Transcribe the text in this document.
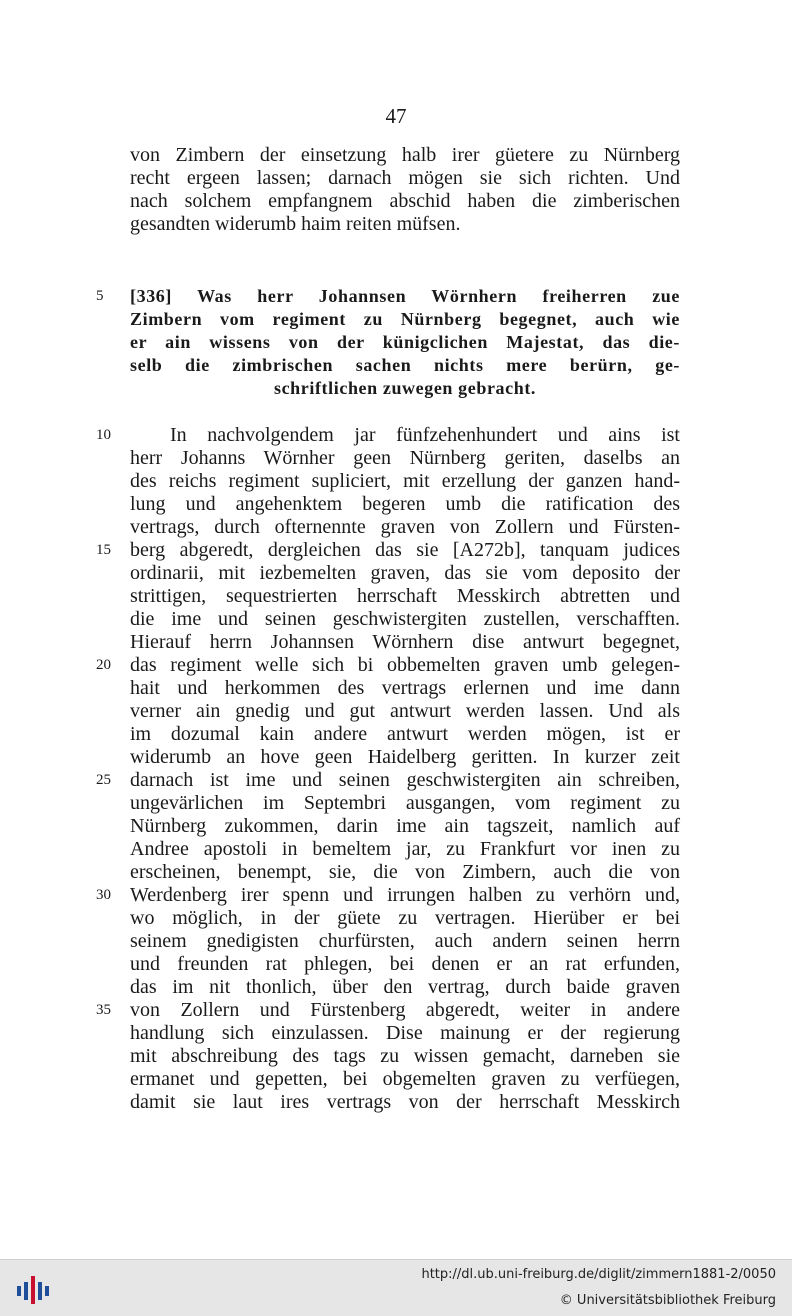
47
von Zimbern der einsetzung halb irer güetere zu Nürnberg
recht ergeen lassen; darnach mögen sie sich richten. Und
nach solchem empfangnem abschid haben die zimberischen
gesandten widerumb haim reiten müfsen.
5	[336] Was herr Johannsen Wörnhern freiherren zue
Zimbern vom regiment zu Nürnberg begegnet, auch wie
er ain wissens von der künigclichen Majestat, das die-
selb die zimbrischen sachen nichts mere berürn, ge-
schriftlichen zuwegen gebracht.
10
15
20
25
30
35
In nachvolgendem jar fünfzehenhundert und ains ist
herr Johanns Wörnher geen Nürnberg geriten, daselbs an
des reichs regiment supliciert, mit erzellung der ganzen hand-
lung und angehenktem begeren umb die ratification des
vertrags, durch ofternennte graven von Zollern und Fürsten-
berg abgeredt, dergleichen das sie [A272b], tanquam judices
ordinarii, mit iezbemelten graven, das sie vom deposito der
strittigen, sequestrierten herrschaft Messkirch abtretten und
die ime und seinen geschwistergiten zustellen, verschafften.
Hierauf herrn Johannsen Wörnhern dise antwurt begegnet,
das regiment welle sich bi obbemelten graven umb gelegen-
hait und herkommen des vertrags erlernen und ime dann
verner ain gnedig und gut antwurt werden lassen. Und als
im dozumal kain andere antwurt werden mögen, ist er
widerumb an hove geen Haidelberg geritten. In kurzer zeit
darnach ist ime und seinen geschwistergiten ain schreiben,
ungevärlichen im Septembri ausgangen, vom regiment zu
Nürnberg zukommen, darin ime ain tagszeit, namlich auf
Andree apostoli in bemeltem jar, zu Frankfurt vor inen zu
erscheinen, benempt, sie, die von Zimbern, auch die von
Werdenberg irer spenn und irrungen halben zu verhörn und,
wo möglich, in der güete zu vertragen. Hierüber er bei
seinem gnedigisten churfürsten, auch andern seinen herrn
und freunden rat phlegen, bei denen er an rat erfunden,
das im nit thonlich, über den vertrag, durch baide graven
von Zollern und Fürstenberg abgeredt, weiter in andere
handlung sich einzulassen. Dise mainung er der regierung
mit abschreibung des tags zu wissen gemacht, darneben sie
ermanet und gepetten, bei obgemelten graven zu verfüegen,
damit sie laut ires vertrags von der herrschaft Messkirch
http://dl.ub.uni-freiburg.de/diglit/zimmern1881-2/0050
© Universitätsbibliothek Freiburg
